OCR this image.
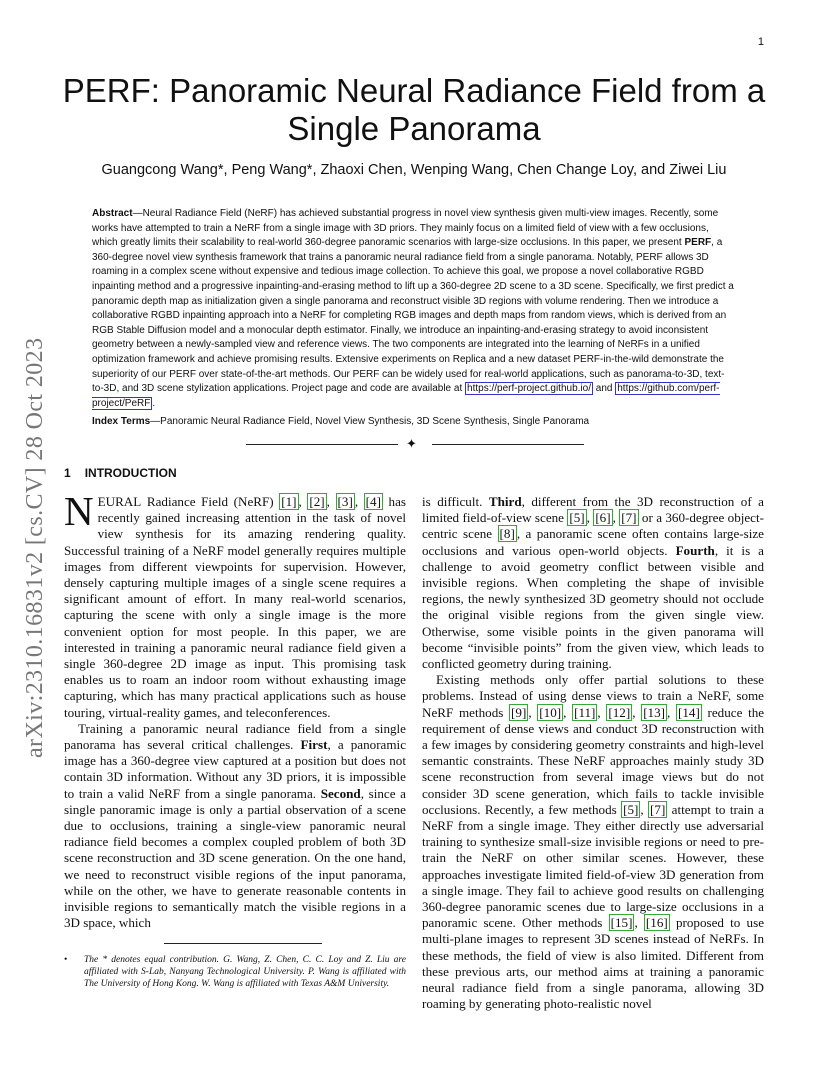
1
arXiv:2310.16831v2 [cs.CV] 28 Oct 2023
PERF: Panoramic Neural Radiance Field from a Single Panorama
Guangcong Wang*, Peng Wang*, Zhaoxi Chen, Wenping Wang, Chen Change Loy, and Ziwei Liu

Abstract—Neural Radiance Field (NeRF) has achieved substantial progress in novel view synthesis given multi-view images. Recently, some works have attempted to train a NeRF from a single image with 3D priors. They mainly focus on a limited field of view with a few occlusions, which greatly limits their scalability to real-world 360-degree panoramic scenarios with large-size occlusions. In this paper, we present PERF, a 360-degree novel view synthesis framework that trains a panoramic neural radiance field from a single panorama. Notably, PERF allows 3D roaming in a complex scene without expensive and tedious image collection. To achieve this goal, we propose a novel collaborative RGBD inpainting method and a progressive inpainting-and-erasing method to lift up a 360-degree 2D scene to a 3D scene. Specifically, we first predict a panoramic depth map as initialization given a single panorama and reconstruct visible 3D regions with volume rendering. Then we introduce a collaborative RGBD inpainting approach into a NeRF for completing RGB images and depth maps from random views, which is derived from an RGB Stable Diffusion model and a monocular depth estimator. Finally, we introduce an inpainting-and-erasing strategy to avoid inconsistent geometry between a newly-sampled view and reference views. The two components are integrated into the learning of NeRFs in a unified optimization framework and achieve promising results. Extensive experiments on Replica and a new dataset PERF-in-the-wild demonstrate the superiority of our PERF over state-of-the-art methods. Our PERF can be widely used for real-world applications, such as panorama-to-3D, text-to-3D, and 3D scene stylization applications. Project page and code are available at https://perf-project.github.io/ and https://github.com/perf-project/PeRF .

Index Terms—Panoramic Neural Radiance Field, Novel View Synthesis, 3D Scene Synthesis, Single Panorama
✦
1 INTRODUCTION

NEURAL Radiance Field (NeRF) [1] , [2] , [3] , [4] has recently gained increasing attention in the task of novel view synthesis for its amazing rendering quality. Successful training of a NeRF model generally requires multiple images from different viewpoints for supervision. However, densely capturing multiple images of a single scene requires a significant amount of effort. In many real-world scenarios, capturing the scene with only a single image is the more convenient option for most people. In this paper, we are interested in training a panoramic neural radiance field given a single 360-degree 2D image as input. This promising task enables us to roam an indoor room without exhausting image capturing, which has many practical applications such as house touring, virtual-reality games, and teleconferences.

Training a panoramic neural radiance field from a single panorama has several critical challenges. First, a panoramic image has a 360-degree view captured at a position but does not contain 3D information. Without any 3D priors, it is impossible to train a valid NeRF from a single panorama. Second, since a single panoramic image is only a partial observation of a scene due to occlusions, training a single-view panoramic neural radiance field becomes a complex coupled problem of both 3D scene reconstruction and 3D scene generation. On the one hand, we need to reconstruct visible regions of the input panorama, while on the other, we have to generate reasonable contents in invisible regions to semantically match the visible regions in a 3D space, which

is difficult. Third, different from the 3D reconstruction of a limited field-of-view scene [5] , [6] , [7] or a 360-degree object-centric scene [8] , a panoramic scene often contains large-size occlusions and various open-world objects. Fourth, it is a challenge to avoid geometry conflict between visible and invisible regions. When completing the shape of invisible regions, the newly synthesized 3D geometry should not occlude the original visible regions from the given single view. Otherwise, some visible points in the given panorama will become “invisible points” from the given view, which leads to conflicted geometry during training.

Existing methods only offer partial solutions to these problems. Instead of using dense views to train a NeRF, some NeRF methods [9] , [10] , [11] , [12] , [13] , [14] reduce the requirement of dense views and conduct 3D reconstruction with a few images by considering geometry constraints and high-level semantic constraints. These NeRF approaches mainly study 3D scene reconstruction from several image views but do not consider 3D scene generation, which fails to tackle invisible occlusions. Recently, a few methods [5] , [7] attempt to train a NeRF from a single image. They either directly use adversarial training to synthesize small-size invisible regions or need to pre-train the NeRF on other similar scenes. However, these approaches investigate limited field-of-view 3D generation from a single image. They fail to achieve good results on challenging 360-degree panoramic scenes due to large-size occlusions in a panoramic scene. Other methods [15] , [16] proposed to use multi-plane images to represent 3D scenes instead of NeRFs. In these methods, the field of view is also limited. Different from these previous arts, our method aims at training a panoramic neural radiance field from a single panorama, allowing 3D roaming by generating photo-realistic novel

• The * denotes equal contribution. G. Wang, Z. Chen, C. C. Loy and Z. Liu are affiliated with S-Lab, Nanyang Technological University. P. Wang is affiliated with The University of Hong Kong. W. Wang is affiliated with Texas A&M University.
